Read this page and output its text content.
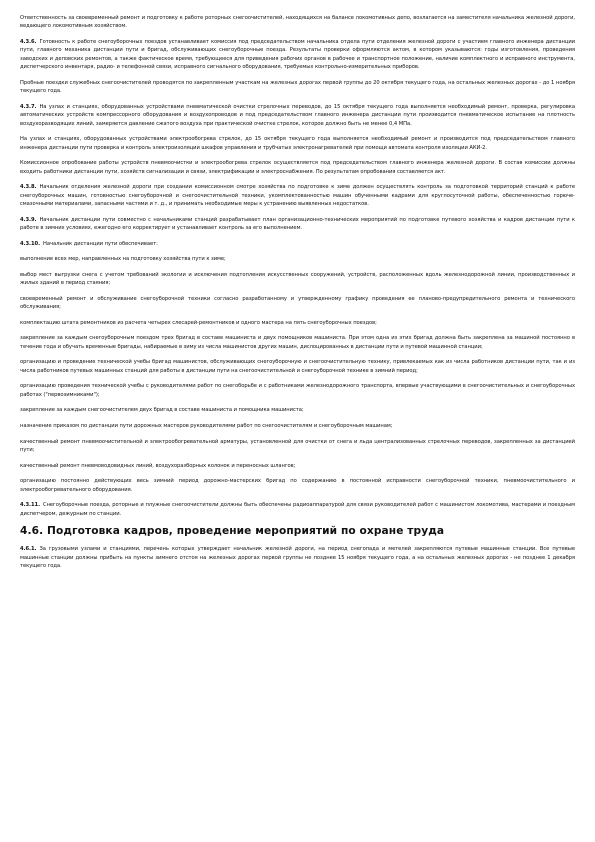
Ответственность за своевременный ремонт и подготовку к работе роторных снегоочистителей, находящихся на балансе локомотивных депо, возлагается на заместителя начальника железной дороги, ведающего локомотивным хозяйством.

4.3.6. Готовность к работе снегоуборочных поездов устанавливает комиссия под председательством начальника отдела пути отделения железной дороги с участием главного инженера дистанции пути, главного механика дистанции пути и бригад, обслуживающих снегоуборочные поезда. Результаты проверки оформляются актом, в котором указываются: годы изготовления, проведения заводских и деповских ремонтов, а также фактическое время, требующееся для приведения рабочих органов в рабочее и транспортное положение, наличие комплектного и исправного инструмента, диспетчерского инвентаря, радио- и телефонной связи, исправного сигнального оборудования, требуемых контрольно-измерительных приборов.

Пробные поездки служебных снегоочистителей проводятся по закрепленным участкам на железных дорогах первой группы до 20 октября текущего года, на остальных железных дорогах - до 1 ноября текущего года.

4.3.7. На узлах и станциях, оборудованных устройствами пневматической очистки стрелочных переводов, до 15 октября текущего года выполняется необходимый ремонт, проверка, регулировка автоматических устройств компрессорного оборудования и воздухопроводов и под председательством главного инженера дистанции пути производится пневматическое испытание на плотность воздухоразводящих линий, замеряется давление сжатого воздуха при практической очистке стрелок, которое должно быть не менее 0,4 МПа.

На узлах и станциях, оборудованных устройствами электрообогрева стрелок, до 15 октября текущего года выполняется необходимый ремонт и производится под председательством главного инженера дистанции пути проверка и контроль электроизоляции шкафов управления и трубчатых электронагревателей при помощи автомата контроля изоляции АКИ-2.

Комиссионное опробование работы устройств пневмоочистки и электрообогрева стрелок осуществляется под председательством главного инженера железной дороги. В состав комиссии должны входить работники дистанции пути, хозяйств сигнализации и связи, электрификации и электроснабжения. По результатам опробования составляется акт.

4.3.8. Начальник отделения железной дороги при создании комиссионном смотре хозяйства по подготовке к зиме должен осуществлять контроль за подготовкой территорий станций к работе снегоуборочных машин, готовностью снегоуборочной и снегоочистительной техники, укомплектованностью машин обученными кадрами для круглосуточной работы, обеспеченностью горюче-смазочными материалами, запасными частями и т. д., и принимать необходимые меры к устранению выявленных недостатков.

4.3.9. Начальник дистанции пути совместно с начальниками станций разрабатывает план организационно-технических мероприятий по подготовке путевого хозяйства и кадров дистанции пути к работе в зимних условиях, ежегодно его корректирует и устанавливает контроль за его выполнением.

4.3.10. Начальник дистанции пути обеспечивает:

выполнение всех мер, направленных на подготовку хозяйства пути к зиме;

выбор мест выгрузки снега с учетом требований экологии и исключения подтопления искусственных сооружений, устройств, расположенных вдоль железнодорожной линии, производственных и жилых зданий в период стаяния;

своевременный ремонт и обслуживание снегоуборочной техники согласно разработанному и утвержденному графику проведения ее планово-предупредительного ремонта и технического обслуживания;

комплектацию штата ремонтников из расчета четырех слесарей-ремонтников и одного мастера на пять снегоуборочных поездов;

закрепление за каждым снегоуборочным поездом трех бригад в составе машиниста и двух помощников машиниста. При этом одна из этих бригад должна быть закреплена за машиной постоянно в течение года и обучать временные бригады, набираемые в зиму из числа машинистов других машин, дислоцированных в дистанции пути и путевой машинной станции;

организацию и проведение технической учебы бригад машинистов, обслуживающих снегоуборочную и снегоочистительную технику, привлекаемых как из числа работников дистанции пути, так и из числа работников путевых машинных станций для работы в дистанции пути на снегоочистительной и снегоуборочной технике в зимний период;

организацию проведения технической учебы с руководителями работ по снегоборьбе и с работниками железнодорожного транспорта, впервые участвующими в снегоочистительных и снегоуборочных работах ("первозимниками");

закрепление за каждым снегоочистителем двух бригад в составе машиниста и помощника машиниста;

назначение приказом по дистанции пути дорожных мастеров руководителями работ по снегоочистителям и снегоуборочным машинам;

качественный ремонт пневмоочистительной и электрообогревательной арматуры, установленной для очистки от снега и льда централизованных стрелочных переводов, закрепленных за дистанцией пути;

качественный ремонт пневмоводовидных линий, воздухоразборных колонок и переносных шлангов;

организацию постоянно действующих весь зимний период дорожно-мастерских бригад по содержанию в постоянной исправности снегоуборочной техники, пневмоочистительного и электрообогревательного оборудования.

4.3.11. Снегоуборочные поезда, роторные и плужные снегоочистители должны быть обеспечены радиоаппаратурой для связи руководителей работ с машинистом локомотива, мастерами и поездным диспетчером, дежурным по станции.

4.6. Подготовка кадров, проведение мероприятий по охране труда

4.6.1. За грузовыми узлами и станциями, перечень которых утверждает начальник железной дороги, на период снегопада и метелей закрепляются путевые машинные станции. Все путевые машинные станции должны прибыть на пункты зимнего отстоя на железных дорогах первой группы не позднее 15 ноября текущего года, а на остальных железных дорогах - не позднее 1 декабря текущего года.
